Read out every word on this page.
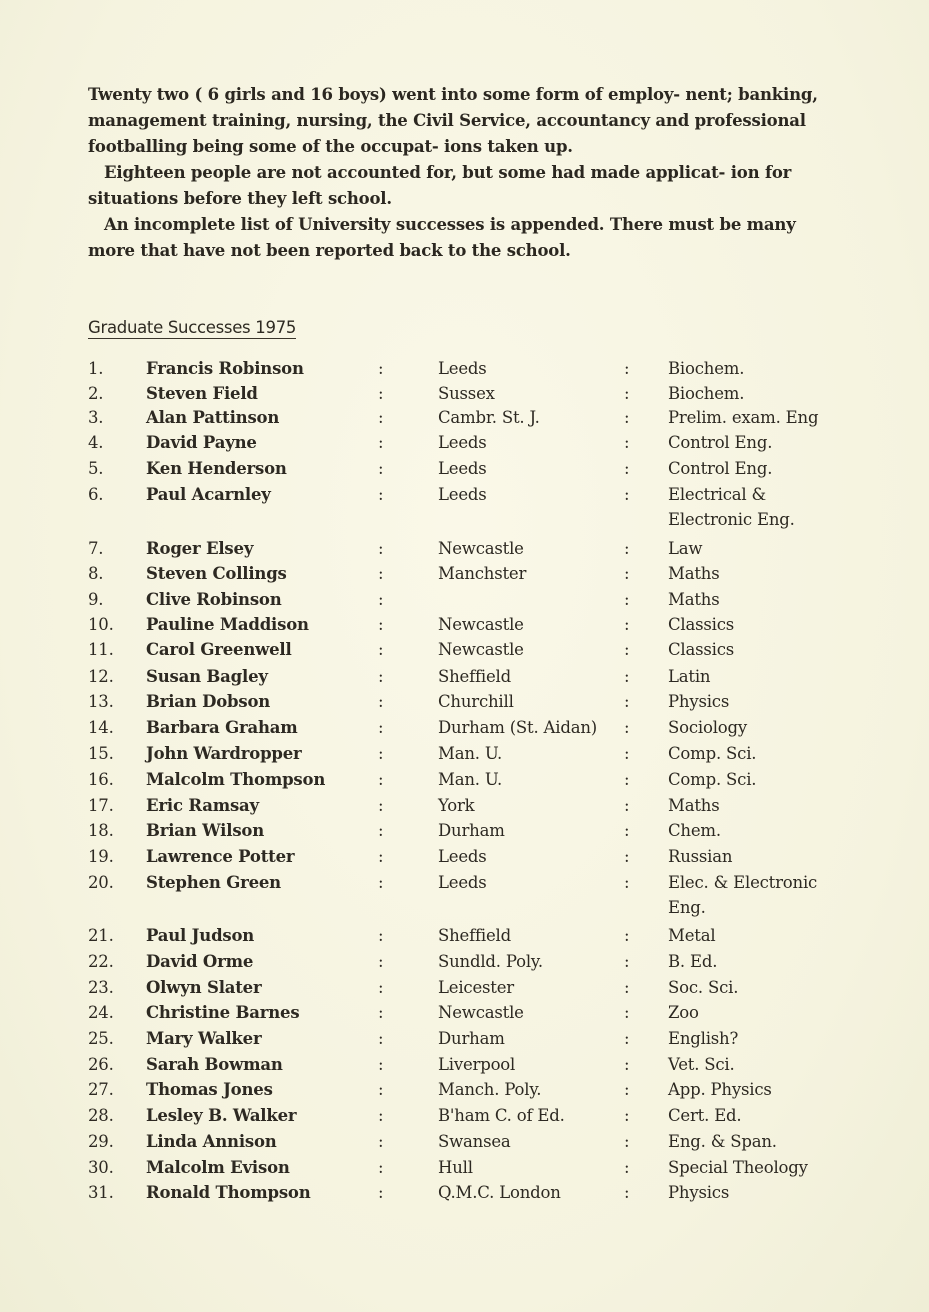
Twenty two ( 6 girls and 16 boys) went into some form of employ- nent; banking, management training, nursing, the Civil Service, accountancy and professional footballing being some of the occupat- ions taken up.

Eighteen people are not accounted for, but some had made applicat- ion for situations before they left school.

An incomplete list of University successes is appended. There must be many more that have not been reported back to the school.

Graduate Successes 1975
1.	Francis Robinson	:	Leeds	: Biochem.
2.	Steven Field	:	Sussex	: Biochem.
3.	Alan Pattinson	:	Cambr. St. J.	: Prelim. exam. Eng
4.	David Payne	:	Leeds	: Control Eng.
5.	Ken Henderson	:	Leeds	: Control Eng.
6.	Paul Acarnley	:	Leeds	: Electrical &
Electronic Eng.
7.	Roger Elsey	:	Newcastle	: Law
8.	Steven Collings	:	Manchster	: Maths
9.	Clive Robinson	:	: Maths
10. Pauline Maddison	:	Newcastle	: Classics
11. Carol Greenwell	:	Newcastle	: Classics
12. Susan Bagley	:	Sheffield	: Latin
13. Brian Dobson	:	Churchill	: Physics
14. Barbara Graham	:	Durham (St. Aidan) : Sociology
15. John Wardropper	:	Man. U.	: Comp. Sci.
16. Malcolm Thompson	:	Man. U.	: Comp. Sci.
17. Eric Ramsay	:	York	: Maths
18. Brian Wilson	:	Durham	: Chem.
19. Lawrence Potter	:	Leeds	: Russian
20. Stephen Green	:	Leeds	: Elec. & Electronic
Eng.
21. Paul Judson	:	Sheffield	: Metal
22. David Orme	:	Sundld. Poly.	: B. Ed.
23. Olwyn Slater	:	Leicester	: Soc. Sci.
24. Christine Barnes	:	Newcastle	: Zoo
25. Mary Walker	:	Durham	: English?
26. Sarah Bowman	:	Liverpool	: Vet. Sci.
27. Thomas Jones	:	Manch. Poly.	: App. Physics
28. Lesley B. Walker	:	B'ham C. of Ed.	: Cert. Ed.
29. Linda Annison	:	Swansea	: Eng. & Span.
30. Malcolm Evison	:	Hull	: Special Theology
31. Ronald Thompson	:	Q.M.C. London	: Physics
